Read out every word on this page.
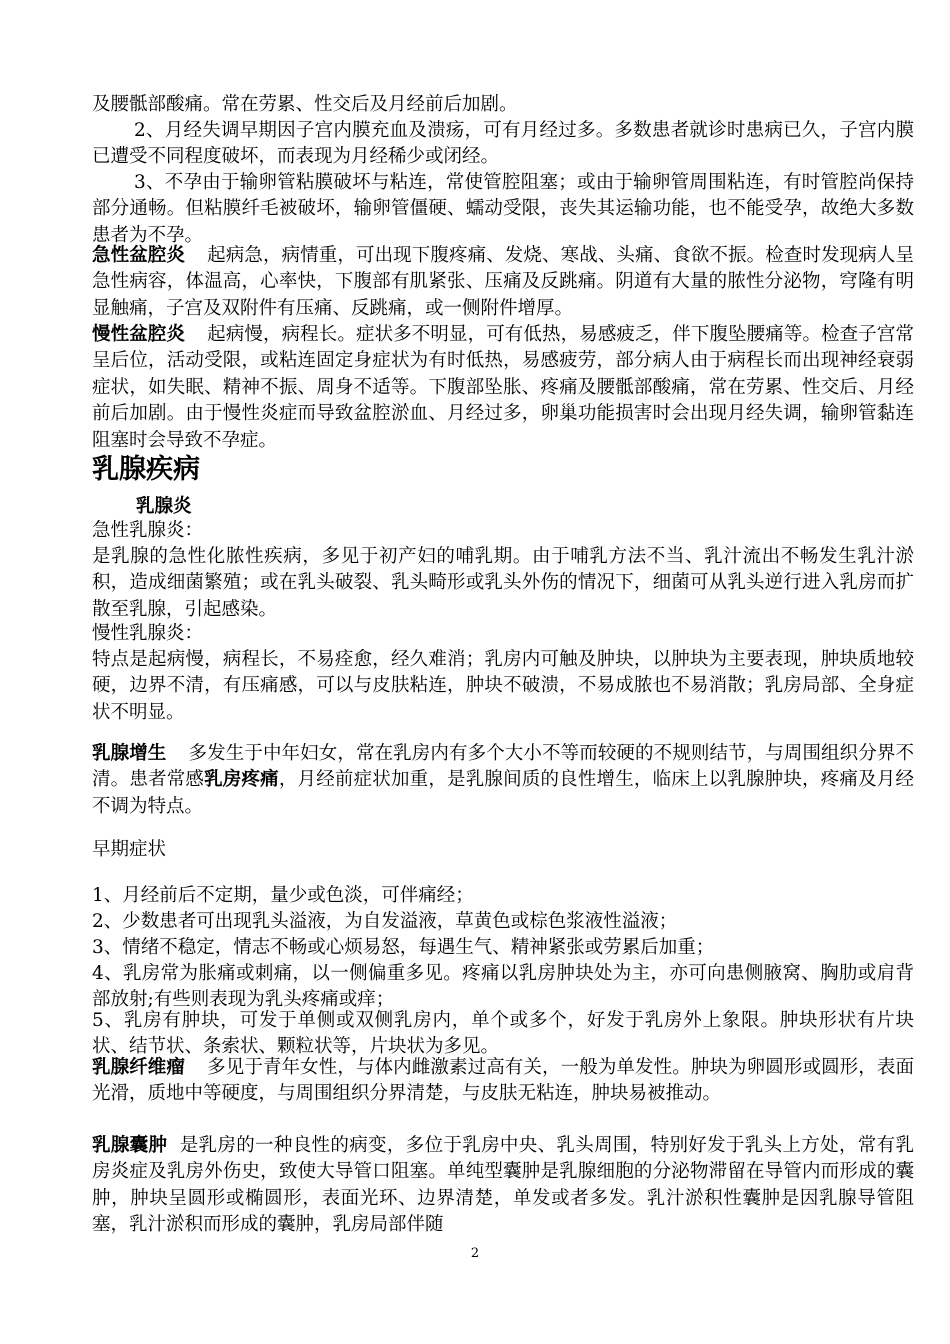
及腰骶部酸痛。常在劳累、性交后及月经前后加剧。

2、月经失调早期因子宫内膜充血及溃疡，可有月经过多。多数患者就诊时患病已久，子宫内膜已遭受不同程度破坏，而表现为月经稀少或闭经。

3、不孕由于输卵管粘膜破坏与粘连，常使管腔阻塞；或由于输卵管周围粘连，有时管腔尚保持部分通畅。但粘膜纤毛被破坏，输卵管僵硬、蠕动受限，丧失其运输功能，也不能受孕，故绝大多数患者为不孕。

急性盆腔炎 起病急，病情重，可出现下腹疼痛、发烧、寒战、头痛、食欲不振。检查时发现病人呈急性病容，体温高，心率快，下腹部有肌紧张、压痛及反跳痛。阴道有大量的脓性分泌物，穹隆有明显触痛，子宫及双附件有压痛、反跳痛，或一侧附件增厚。

慢性盆腔炎 起病慢，病程长。症状多不明显，可有低热，易感疲乏，伴下腹坠腰痛等。检查子宫常呈后位，活动受限，或粘连固定身症状为有时低热，易感疲劳，部分病人由于病程长而出现神经衰弱症状，如失眠、精神不振、周身不适等。下腹部坠胀、疼痛及腰骶部酸痛，常在劳累、性交后、月经前后加剧。由于慢性炎症而导致盆腔淤血、月经过多，卵巢功能损害时会出现月经失调，输卵管黏连阻塞时会导致不孕症。

乳腺疾病
乳腺炎

急性乳腺炎：

是乳腺的急性化脓性疾病，多见于初产妇的哺乳期。由于哺乳方法不当、乳汁流出不畅发生乳汁淤积，造成细菌繁殖；或在乳头破裂、乳头畸形或乳头外伤的情况下，细菌可从乳头逆行进入乳房而扩散至乳腺，引起感染。

慢性乳腺炎：

特点是起病慢，病程长，不易痊愈，经久难消；乳房内可触及肿块，以肿块为主要表现，肿块质地较硬，边界不清，有压痛感，可以与皮肤粘连，肿块不破溃，不易成脓也不易消散；乳房局部、全身症状不明显。

乳腺增生 多发生于中年妇女，常在乳房内有多个大小不等而较硬的不规则结节，与周围组织分界不清。患者常感乳房疼痛，月经前症状加重，是乳腺间质的良性增生，临床上以乳腺肿块，疼痛及月经不调为特点。

早期症状

1、月经前后不定期，量少或色淡，可伴痛经；

2、少数患者可出现乳头溢液，为自发溢液，草黄色或棕色浆液性溢液；

3、情绪不稳定，情志不畅或心烦易怒，每遇生气、精神紧张或劳累后加重；

4、乳房常为胀痛或刺痛，以一侧偏重多见。疼痛以乳房肿块处为主，亦可向患侧腋窝、胸肋或肩背部放射;有些则表现为乳头疼痛或痒；

5、乳房有肿块，可发于单侧或双侧乳房内，单个或多个，好发于乳房外上象限。肿块形状有片块状、结节状、条索状、颗粒状等，片块状为多见。

乳腺纤维瘤 多见于青年女性，与体内雌激素过高有关，一般为单发性。肿块为卵圆形或圆形，表面光滑，质地中等硬度，与周围组织分界清楚，与皮肤无粘连，肿块易被推动。

乳腺囊肿 是乳房的一种良性的病变，多位于乳房中央、乳头周围，特别好发于乳头上方处，常有乳房炎症及乳房外伤史，致使大导管口阻塞。单纯型囊肿是乳腺细胞的分泌物滞留在导管内而形成的囊肿，肿块呈圆形或椭圆形，表面光环、边界清楚，单发或者多发。乳汁淤积性囊肿是因乳腺导管阻塞，乳汁淤积而形成的囊肿，乳房局部伴随

2
